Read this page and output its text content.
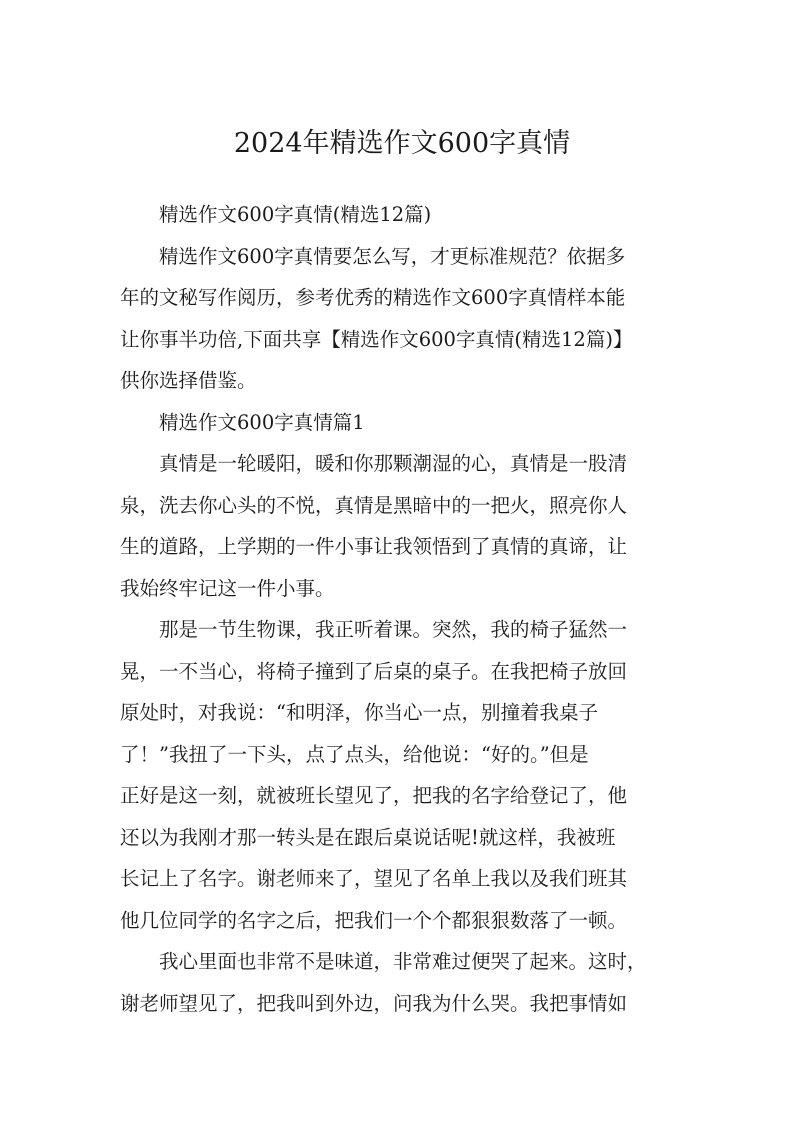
2024年精选作文600字真情

精选作文600字真情(精选12篇)

精选作文600字真情要怎么写，才更标准规范？依据多
年的文秘写作阅历，参考优秀的精选作文600字真情样本能
让你事半功倍,下面共享【精选作文600字真情(精选12篇)】
供你选择借鉴。

精选作文600字真情篇1

真情是一轮暖阳，暖和你那颗潮湿的心，真情是一股清
泉，洗去你心头的不悦，真情是黑暗中的一把火，照亮你人
生的道路，上学期的一件小事让我领悟到了真情的真谛，让
我始终牢记这一件小事。

那是一节生物课，我正听着课。突然，我的椅子猛然一
晃，一不当心，将椅子撞到了后桌的桌子。在我把椅子放回
原处时，对我说：“和明泽，你当心一点，别撞着我桌子
了！”我扭了一下头，点了点头，给他说：“好的。”但是
正好是这一刻，就被班长望见了，把我的名字给登记了，他
还以为我刚才那一转头是在跟后桌说话呢!就这样，我被班
长记上了名字。谢老师来了，望见了名单上我以及我们班其
他几位同学的名字之后，把我们一个个都狠狠数落了一顿。

我心里面也非常不是味道，非常难过便哭了起来。这时，
谢老师望见了，把我叫到外边，问我为什么哭。我把事情如
